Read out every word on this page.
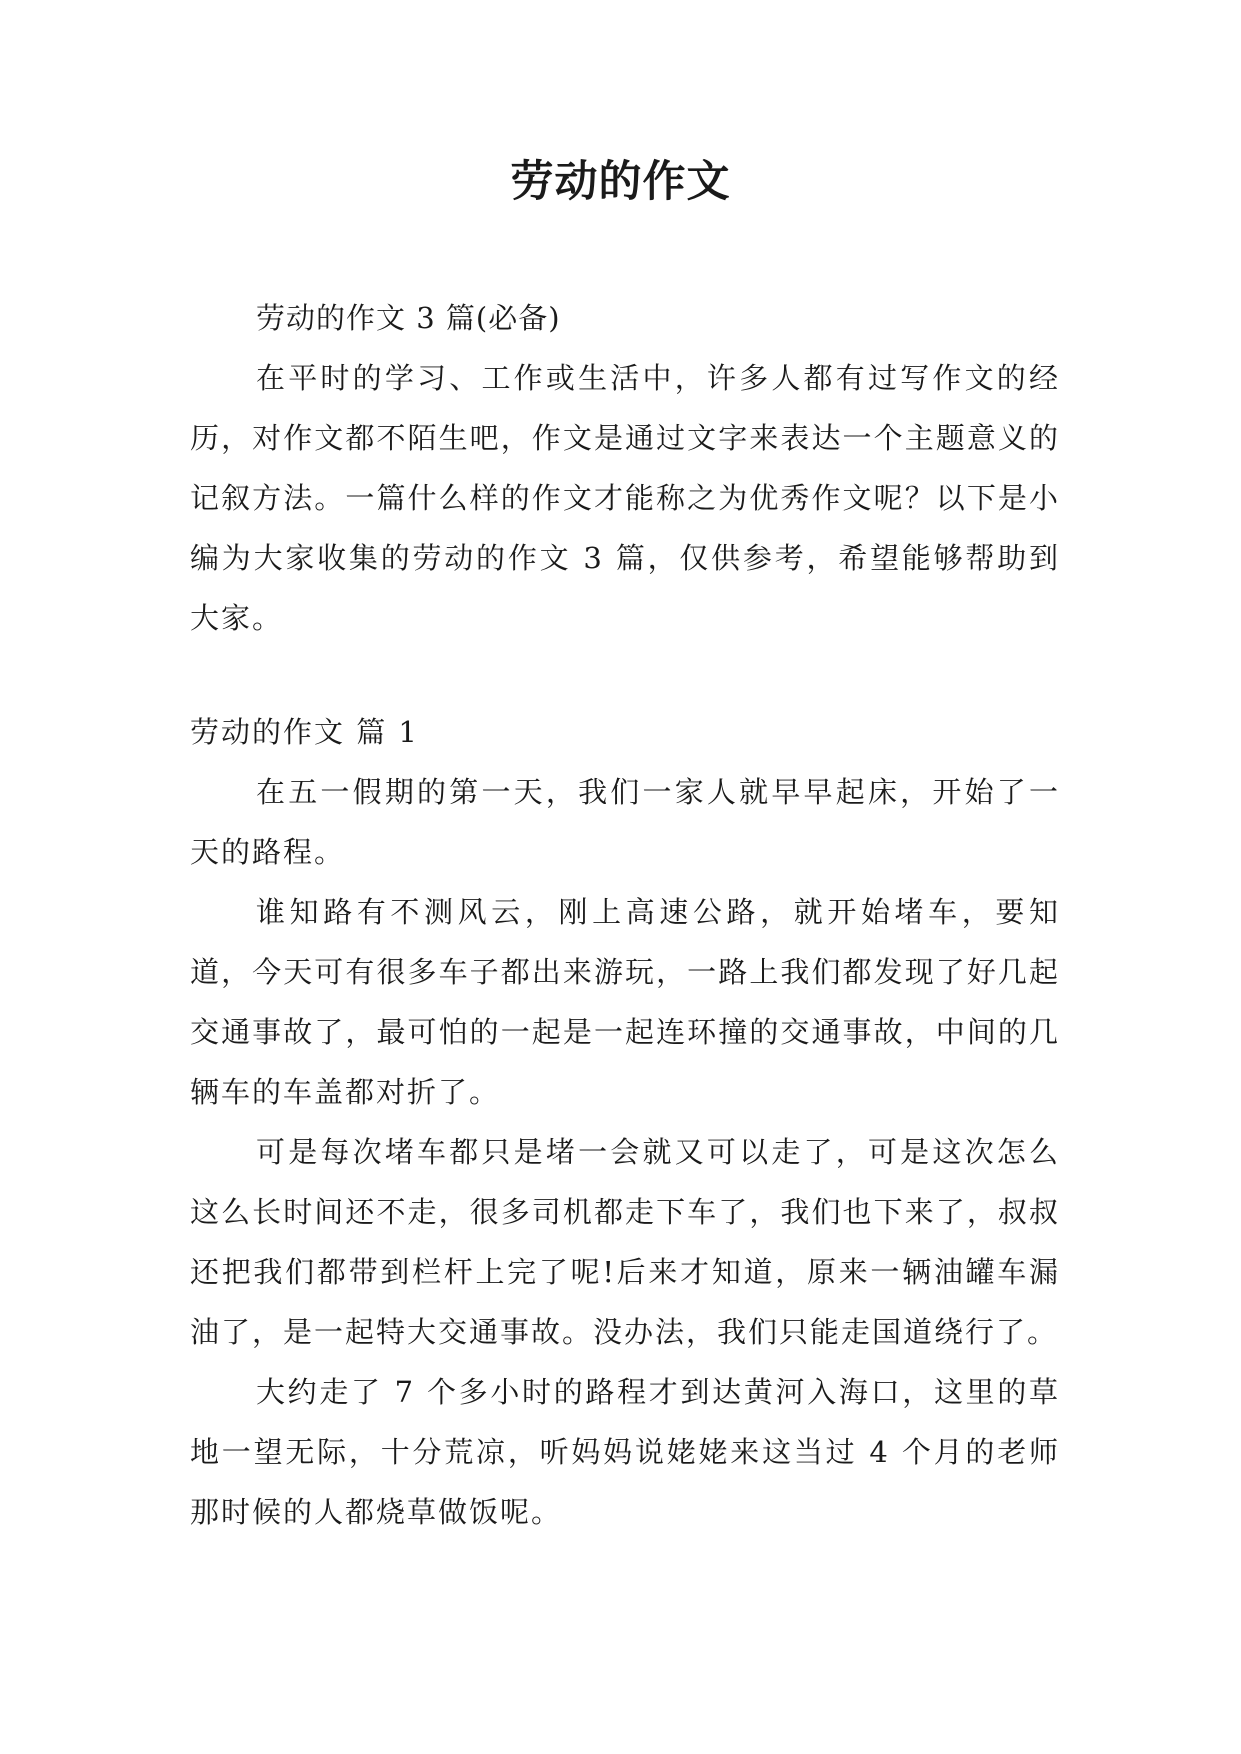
劳动的作文

劳动的作文 3 篇(必备)

在平时的学习、工作或生活中，许多人都有过写作文的经历，对作文都不陌生吧，作文是通过文字来表达一个主题意义的记叙方法。一篇什么样的作文才能称之为优秀作文呢？以下是小编为大家收集的劳动的作文 3 篇，仅供参考，希望能够帮助到大家。

劳动的作文 篇 1

在五一假期的第一天，我们一家人就早早起床，开始了一天的路程。

谁知路有不测风云，刚上高速公路，就开始堵车，要知道，今天可有很多车子都出来游玩，一路上我们都发现了好几起交通事故了，最可怕的一起是一起连环撞的交通事故，中间的几辆车的车盖都对折了。

可是每次堵车都只是堵一会就又可以走了，可是这次怎么这么长时间还不走，很多司机都走下车了，我们也下来了，叔叔还把我们都带到栏杆上完了呢!后来才知道，原来一辆油罐车漏油了，是一起特大交通事故。没办法，我们只能走国道绕行了。

大约走了 7 个多小时的路程才到达黄河入海口，这里的草地一望无际，十分荒凉，听妈妈说姥姥来这当过 4 个月的老师 那时候的人都烧草做饭呢。
